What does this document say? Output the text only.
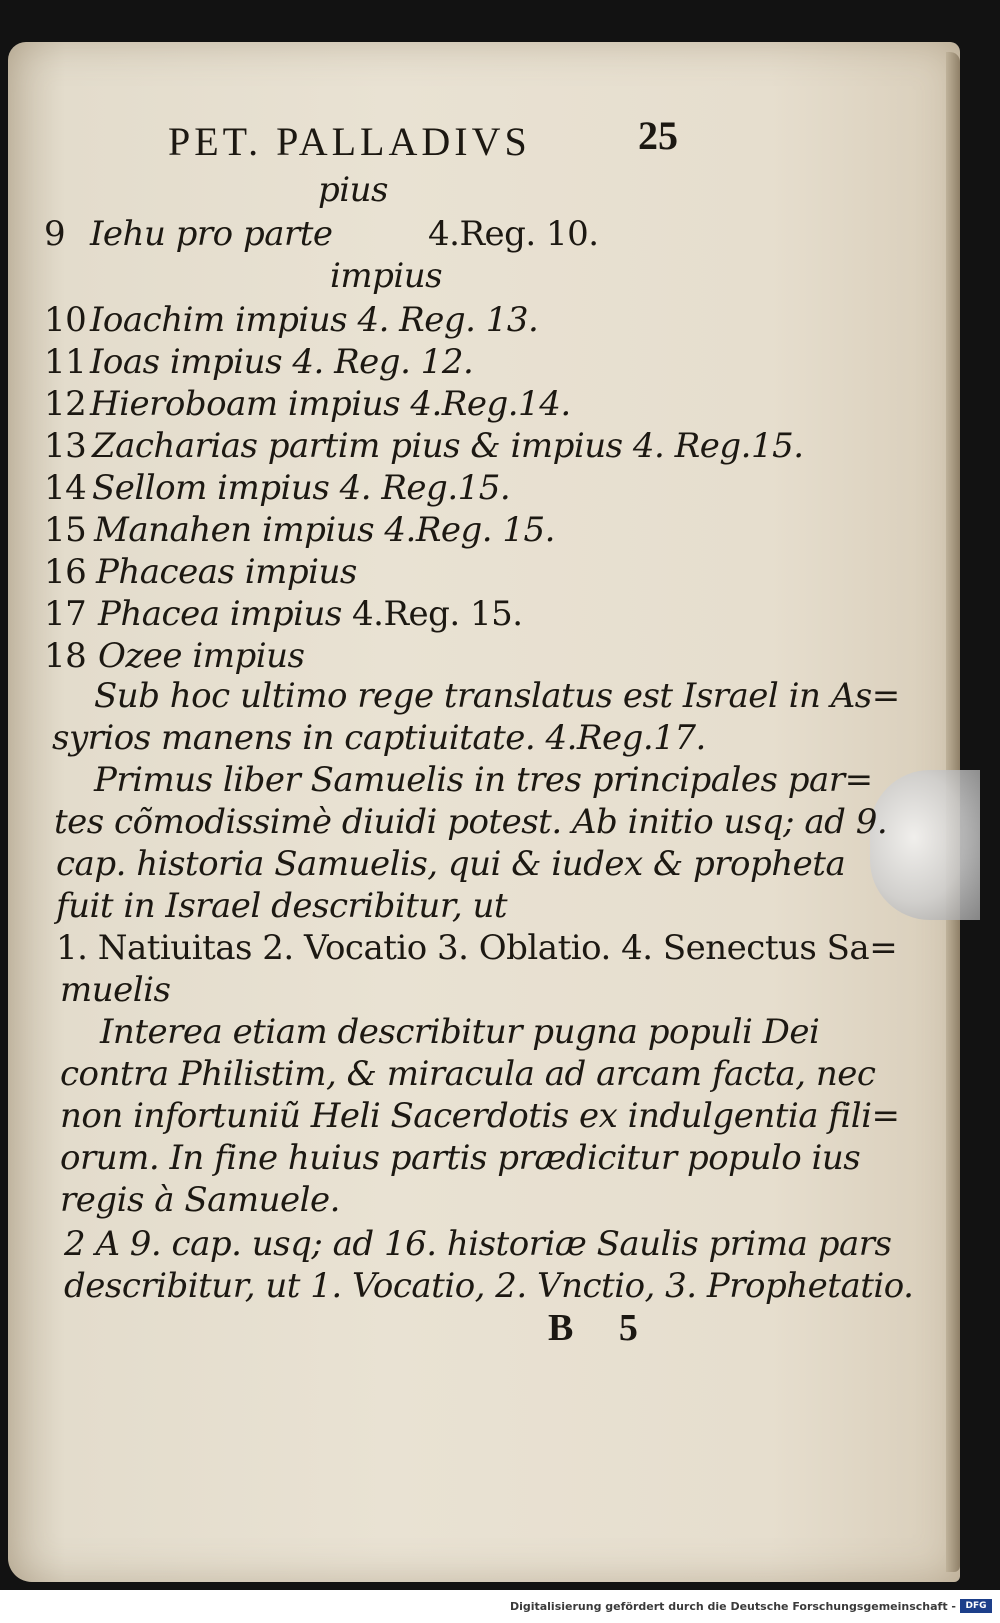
PET. PALLADIVS	25
pius
9 Iehu pro parte	4.Reg. 10.
impius
10 Ioachim impius 4. Reg. 13.
11 Ioas impius 4. Reg. 12.
12 Hieroboam impius 4.Reg.14.
13 Zacharias partim pius & impius 4. Reg.15.
14 Sellom impius 4. Reg.15.
15 Manahen impius 4.Reg. 15.
16 Phaceas impius
17 Phacea impius 4.Reg. 15.
18 Ozee impius
Sub hoc ultimo rege translatus est Israel in As=
syrios manens in captiuitate. 4.Reg.17.
Primus liber Samuelis in tres principales par=
tes cõmodissimè diuidi potest. Ab initio usq; ad 9.
cap. historia Samuelis, qui & iudex & propheta
fuit in Israel describitur, ut
1. Natiuitas 2. Vocatio 3. Oblatio. 4. Senectus Sa=
muelis
Interea etiam describitur pugna populi Dei
contra Philistim, & miracula ad arcam facta, nec
non infortuniũ Heli Sacerdotis ex indulgentia fili=
orum. In fine huius partis prædicitur populo ius
regis à Samuele.
2 A 9. cap. usq; ad 16. historiæ Saulis prima pars
describitur, ut 1. Vocatio, 2. Vnctio, 3. Prophetatio.
B 5
Digitalisierung gefördert durch die Deutsche Forschungsgemeinschaft -	DFG
